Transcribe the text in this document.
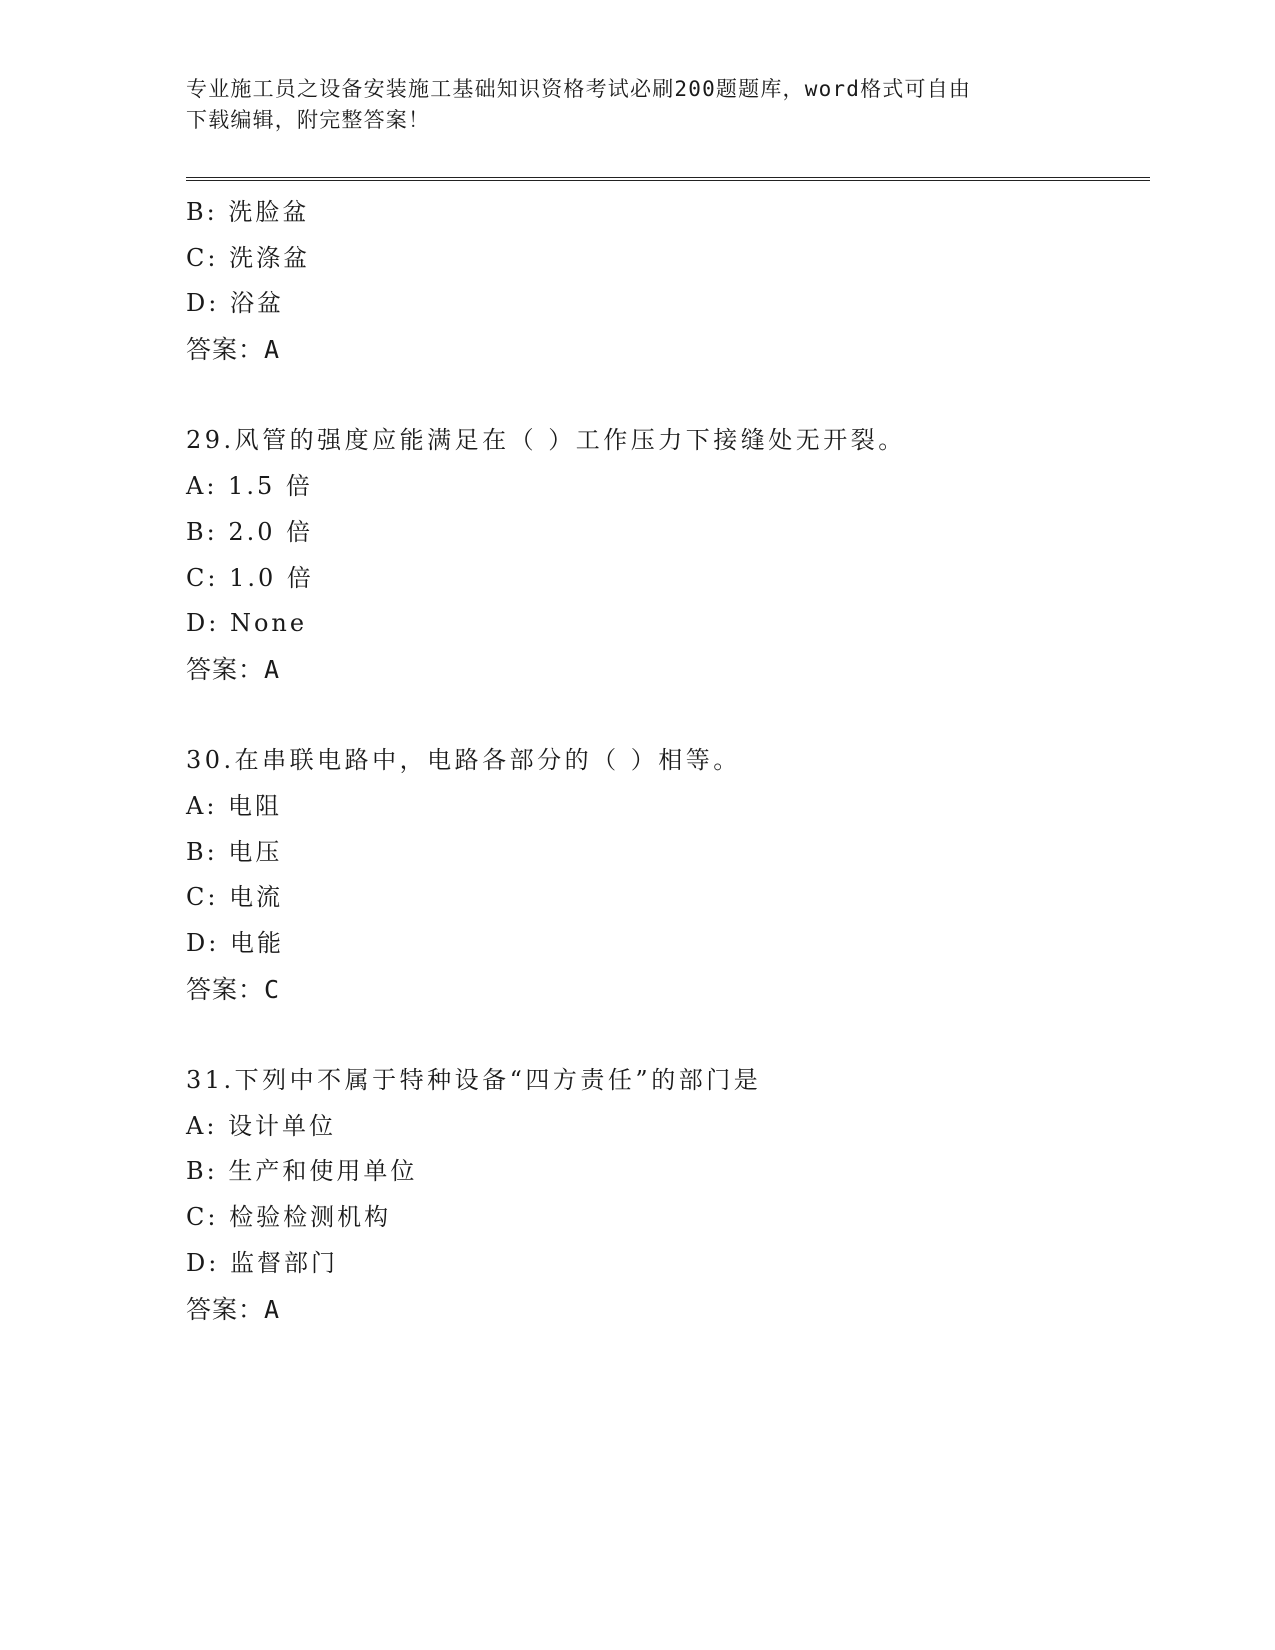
专业施工员之设备安装施工基础知识资格考试必刷200题题库，word格式可自由
下载编辑，附完整答案！
B: 洗脸盆
C: 洗涤盆
D: 浴盆
答案：A
29.风管的强度应能满足在（ ）工作压力下接缝处无开裂。
A: 1.5 倍
B: 2.0 倍
C: 1.0 倍
D: None
答案：A
30.在串联电路中，电路各部分的（ ）相等。
A: 电阻
B: 电压
C: 电流
D: 电能
答案：C
31.下列中不属于特种设备“四方责任”的部门是
A: 设计单位
B: 生产和使用单位
C: 检验检测机构
D: 监督部门
答案：A
